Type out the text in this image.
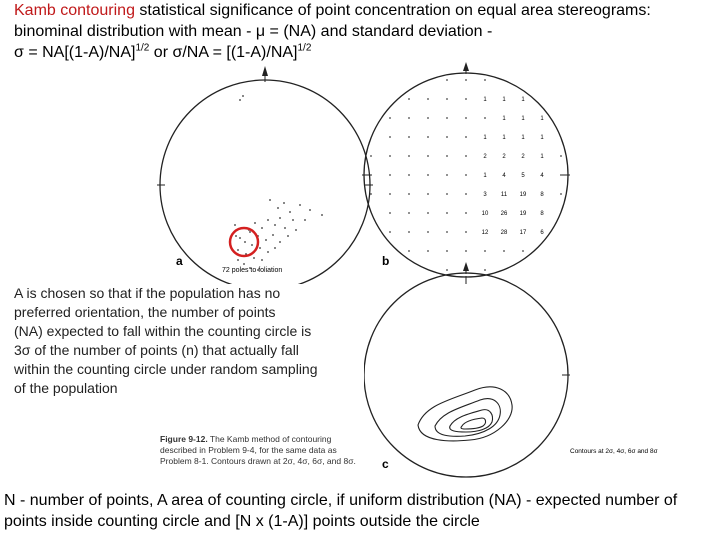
Kamb contouring statistical significance of point concentration on equal area stereograms: binominal distribution with mean - μ = (NA) and standard deviation -
$\sigma = NA[(1-A)/NA]^{1/2}$ or $\sigma/NA = [(1-A)/NA]^{1/2}$
a
72 poles to foliation
b
1	1	1
1	1	1
1	1	1	1
2	2	2	1
1	4	5	4
3 11 19 8
10 26 19 8
12 28 17 6
c
Contours at 2σ, 4σ, 6σ and 8σ
A is chosen so that if the population has no
preferred orientation, the number of points
(NA) expected to fall within the counting circle is
3σ of the number of points (n) that actually fall
within the counting circle under random sampling
of the population
Figure 9-12. The Kamb method of contouring described in Problem 9-4, for the same data as Problem 8-1. Contours drawn at 2σ, 4σ, 6σ, and 8σ.
N - number of points, A area of counting circle, if uniform distribution (NA) - expected number of points inside counting circle and [N x (1-A)] points outside the circle
